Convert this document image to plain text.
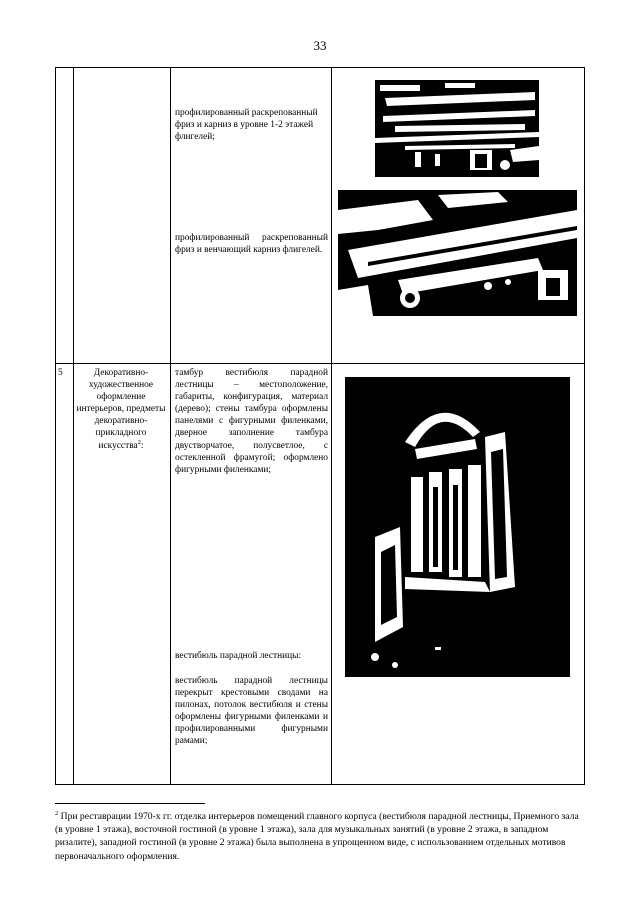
33
профилированный раскрепованный фриз и карниз в уровне 1-2 этажей флигелей;
профилированный раскрепованный фриз и венчающий карниз флигелей.
5	Декоративно-художественное оформление интерьеров, предметы декоративно-прикладного искусства$^2$:
тамбур вестибюля парадной лестницы – местоположение, габариты, конфигурация, материал (дерево); стены тамбура оформлены панелями с фигурными филенками, дверное заполнение тамбура двустворчатое, полусветлое, с остекленной фрамугой; оформлено фигурными филенками;
вестибюль парадной лестницы:
вестибюль парадной лестницы перекрыт крестовыми сводами на пилонах, потолок вестибюля и стены оформлены фигурными филенками и профилированными фигурными рамами;
$^2$ При реставрации 1970-х гг. отделка интерьеров помещений главного корпуса (вестибюля парадной лестницы, Приемного зала (в уровне 1 этажа), восточной гостиной (в уровне 1 этажа), зала для музыкальных занятий (в уровне 2 этажа, в западном ризалите), западной гостиной (в уровне 2 этажа) была выполнена в упрощенном виде, с использованием отдельных мотивов первоначального оформления.
